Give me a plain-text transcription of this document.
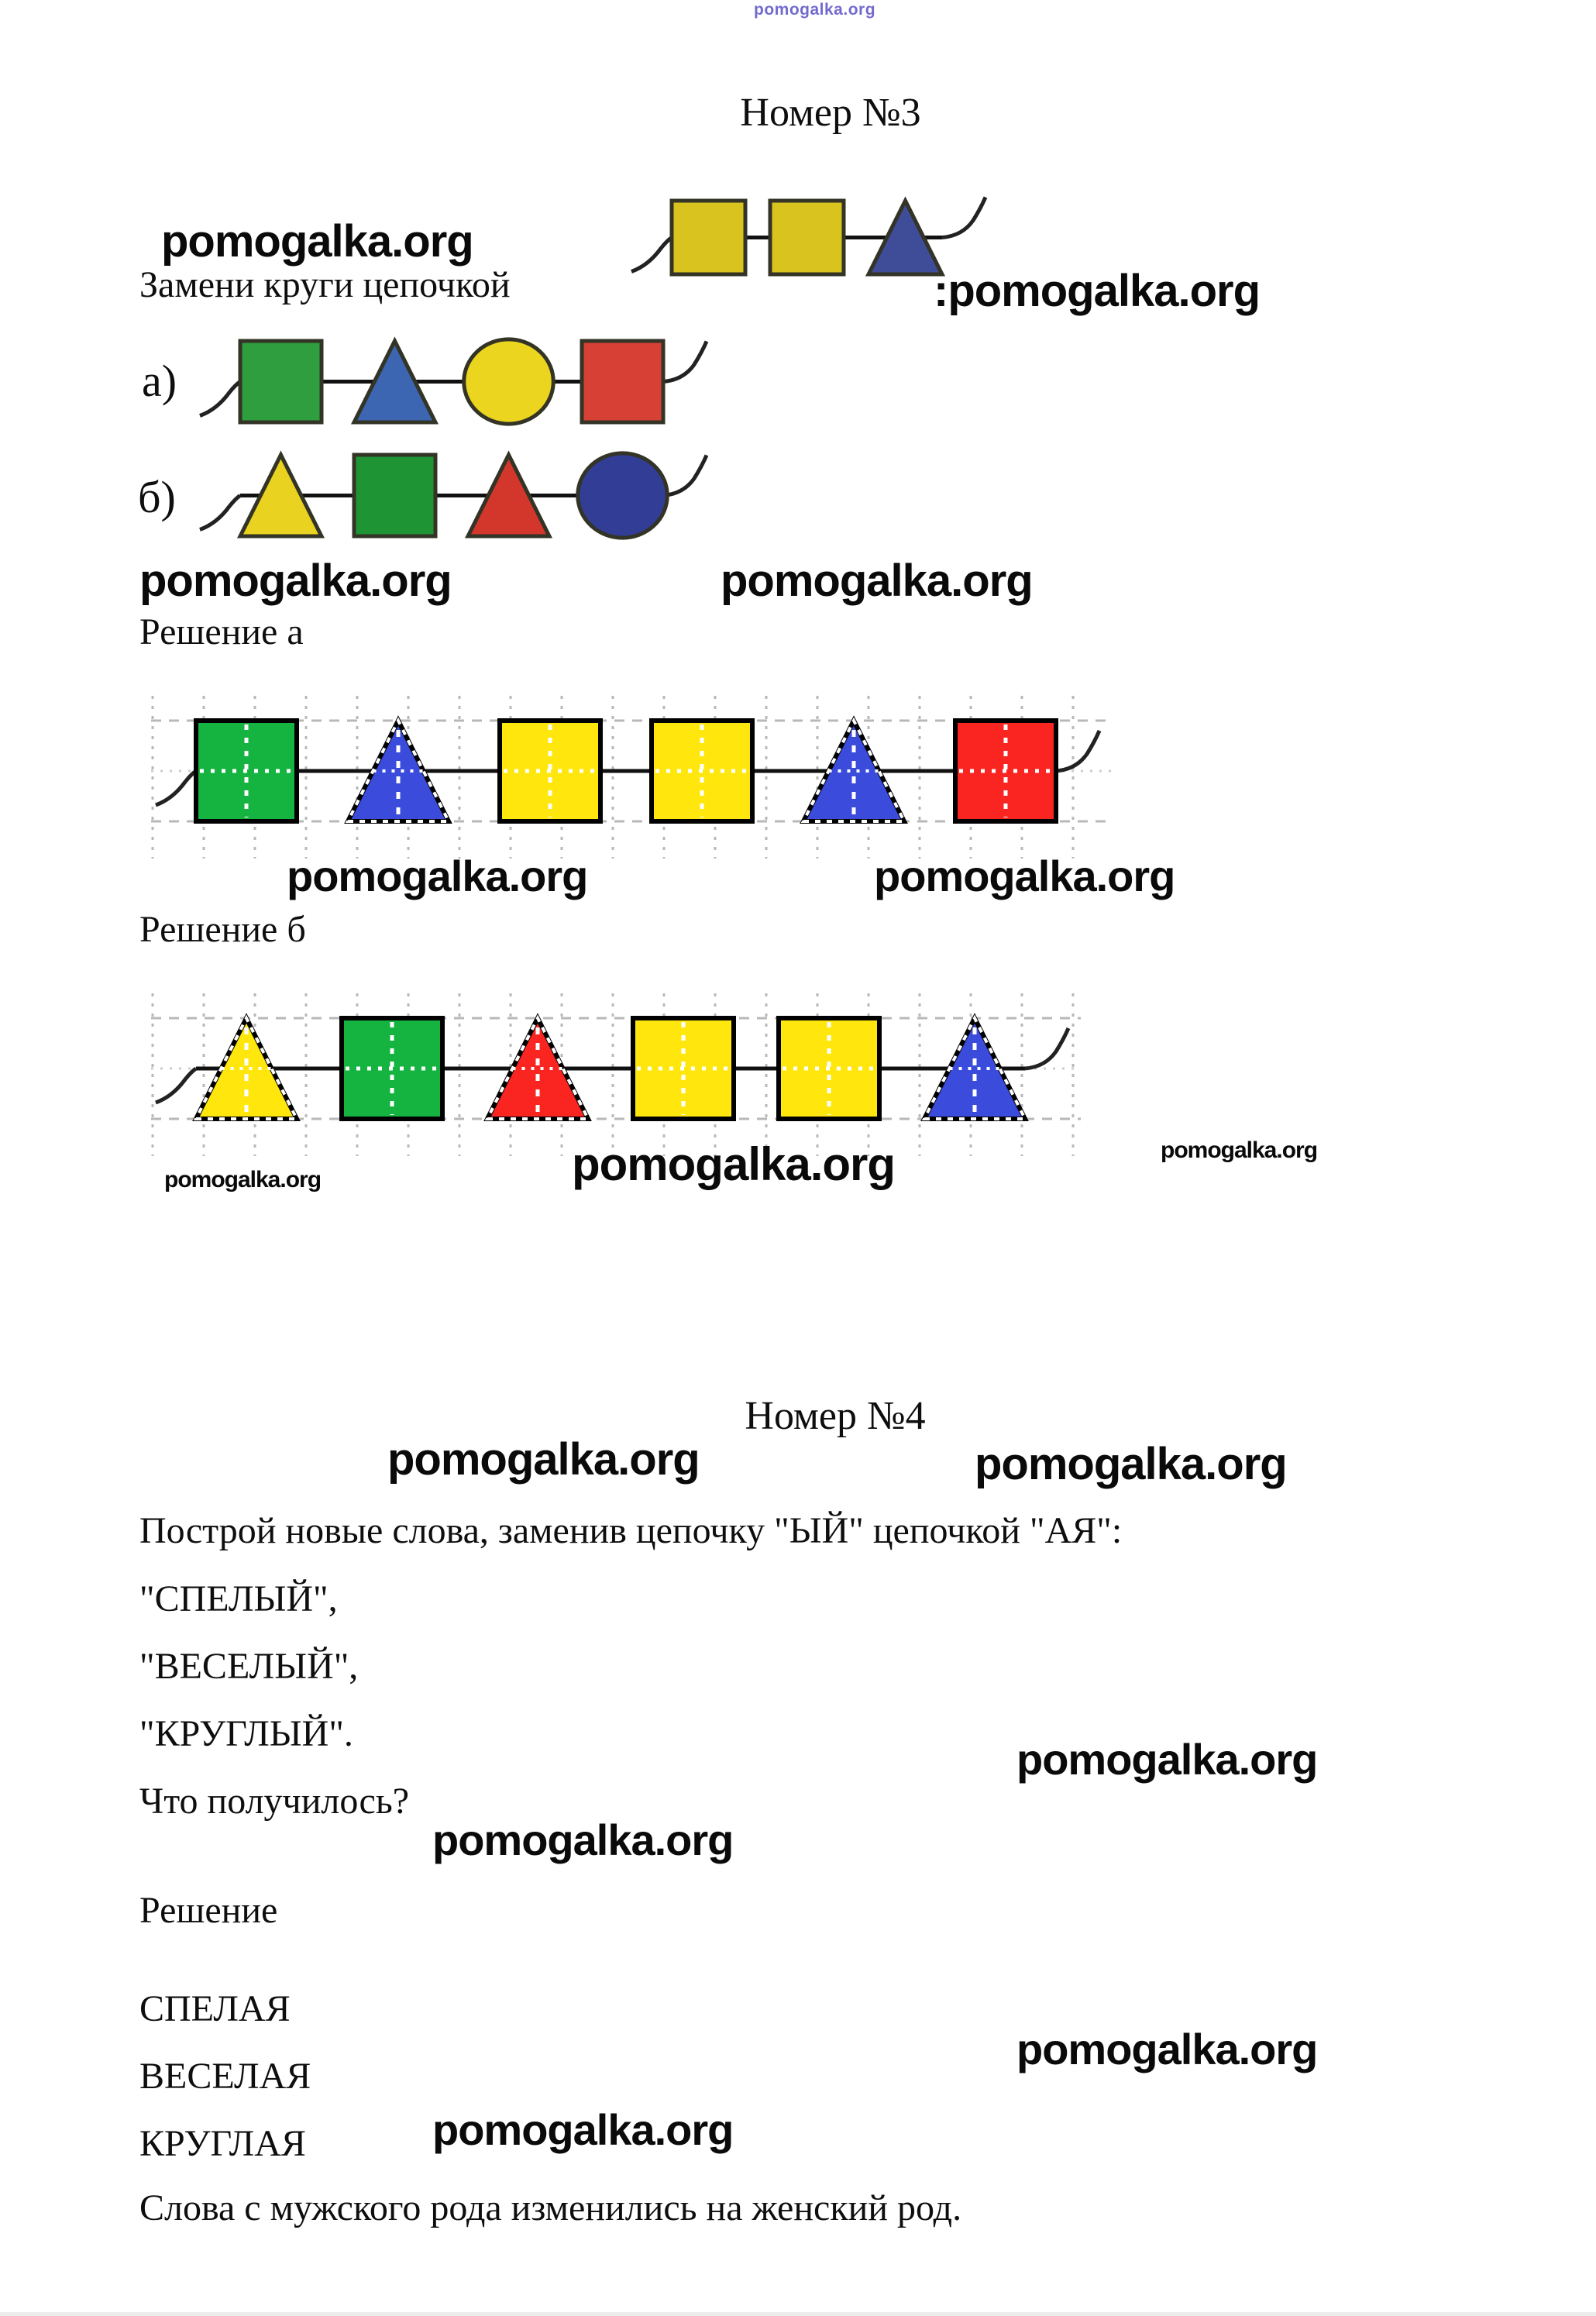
pomogalka.org
Номер №3
pomogalka.org
Замени круги цепочкой	:pomogalka.org
а)
б)
pomogalka.org	pomogalka.org
Решение а
pomogalka.org	pomogalka.org
Решение б
pomogalka.org	pomogalka.org	pomogalka.org
Номер №4
pomogalka.org	pomogalka.org
Построй новые слова, заменив цепочку "ЫЙ" цепочкой "АЯ":
"СПЕЛЫЙ",
"ВЕСЕЛЫЙ",
"КРУГЛЫЙ".
pomogalka.org
Что получилось?
pomogalka.org
Решение
СПЕЛАЯ
pomogalka.org
ВЕСЕЛАЯ
pomogalka.org
КРУГЛАЯ
Слова с мужского рода изменились на женский род.
